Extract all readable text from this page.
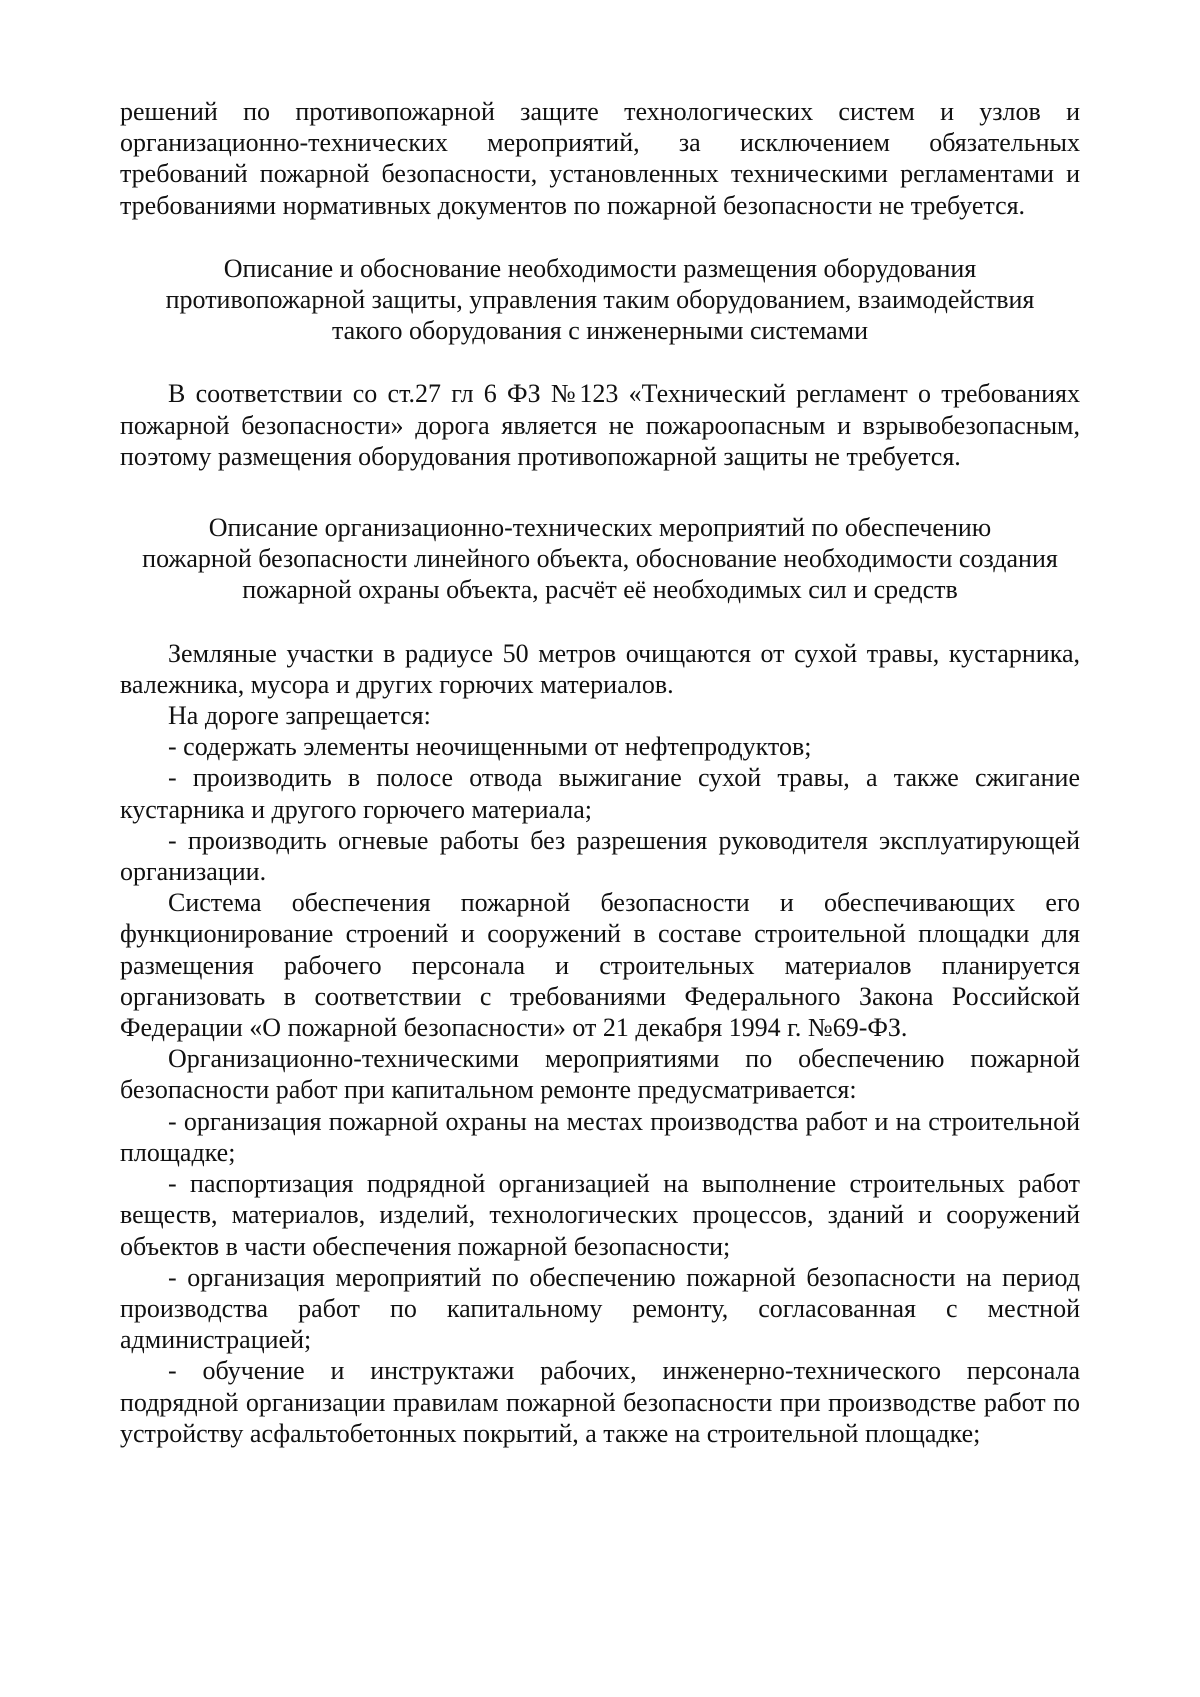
решений по противопожарной защите технологических систем и узлов и организационно-технических мероприятий, за исключением обязательных требований пожарной безопасности, установленных техническими регламентами и требованиями нормативных документов по пожарной безопасности не требуется.

Описание и обоснование необходимости размещения оборудования
противопожарной защиты, управления таким оборудованием, взаимодействия
такого оборудования с инженерными системами

В соответствии со ст.27 гл 6 ФЗ №123 «Технический регламент о требованиях пожарной безопасности» дорога является не пожароопасным и взрывобезопасным, поэтому размещения оборудования противопожарной защиты не требуется.

Описание организационно-технических мероприятий по обеспечению
пожарной безопасности линейного объекта, обоснование необходимости создания
пожарной охраны объекта, расчёт её необходимых сил и средств

Земляные участки в радиусе 50 метров очищаются от сухой травы, кустарника, валежника, мусора и других горючих материалов.

На дороге запрещается:

- содержать элементы неочищенными от нефтепродуктов;

- производить в полосе отвода выжигание сухой травы, а также сжигание кустарника и другого горючего материала;

- производить огневые работы без разрешения руководителя эксплуатирующей организации.

Система обеспечения пожарной безопасности и обеспечивающих его функционирование строений и сооружений в составе строительной площадки для размещения рабочего персонала и строительных материалов планируется организовать в соответствии с требованиями Федерального Закона Российской Федерации «О пожарной безопасности» от 21 декабря 1994 г. №69-ФЗ.

Организационно-техническими мероприятиями по обеспечению пожарной безопасности работ при капитальном ремонте предусматривается:

- организация пожарной охраны на местах производства работ и на строительной площадке;

- паспортизация подрядной организацией на выполнение строительных работ веществ, материалов, изделий, технологических процессов, зданий и сооружений объектов в части обеспечения пожарной безопасности;

- организация мероприятий по обеспечению пожарной безопасности на период производства работ по капитальному ремонту, согласованная с местной администрацией;

- обучение и инструктажи рабочих, инженерно-технического персонала подрядной организации правилам пожарной безопасности при производстве работ по устройству асфальтобетонных покрытий, а также на строительной площадке;
